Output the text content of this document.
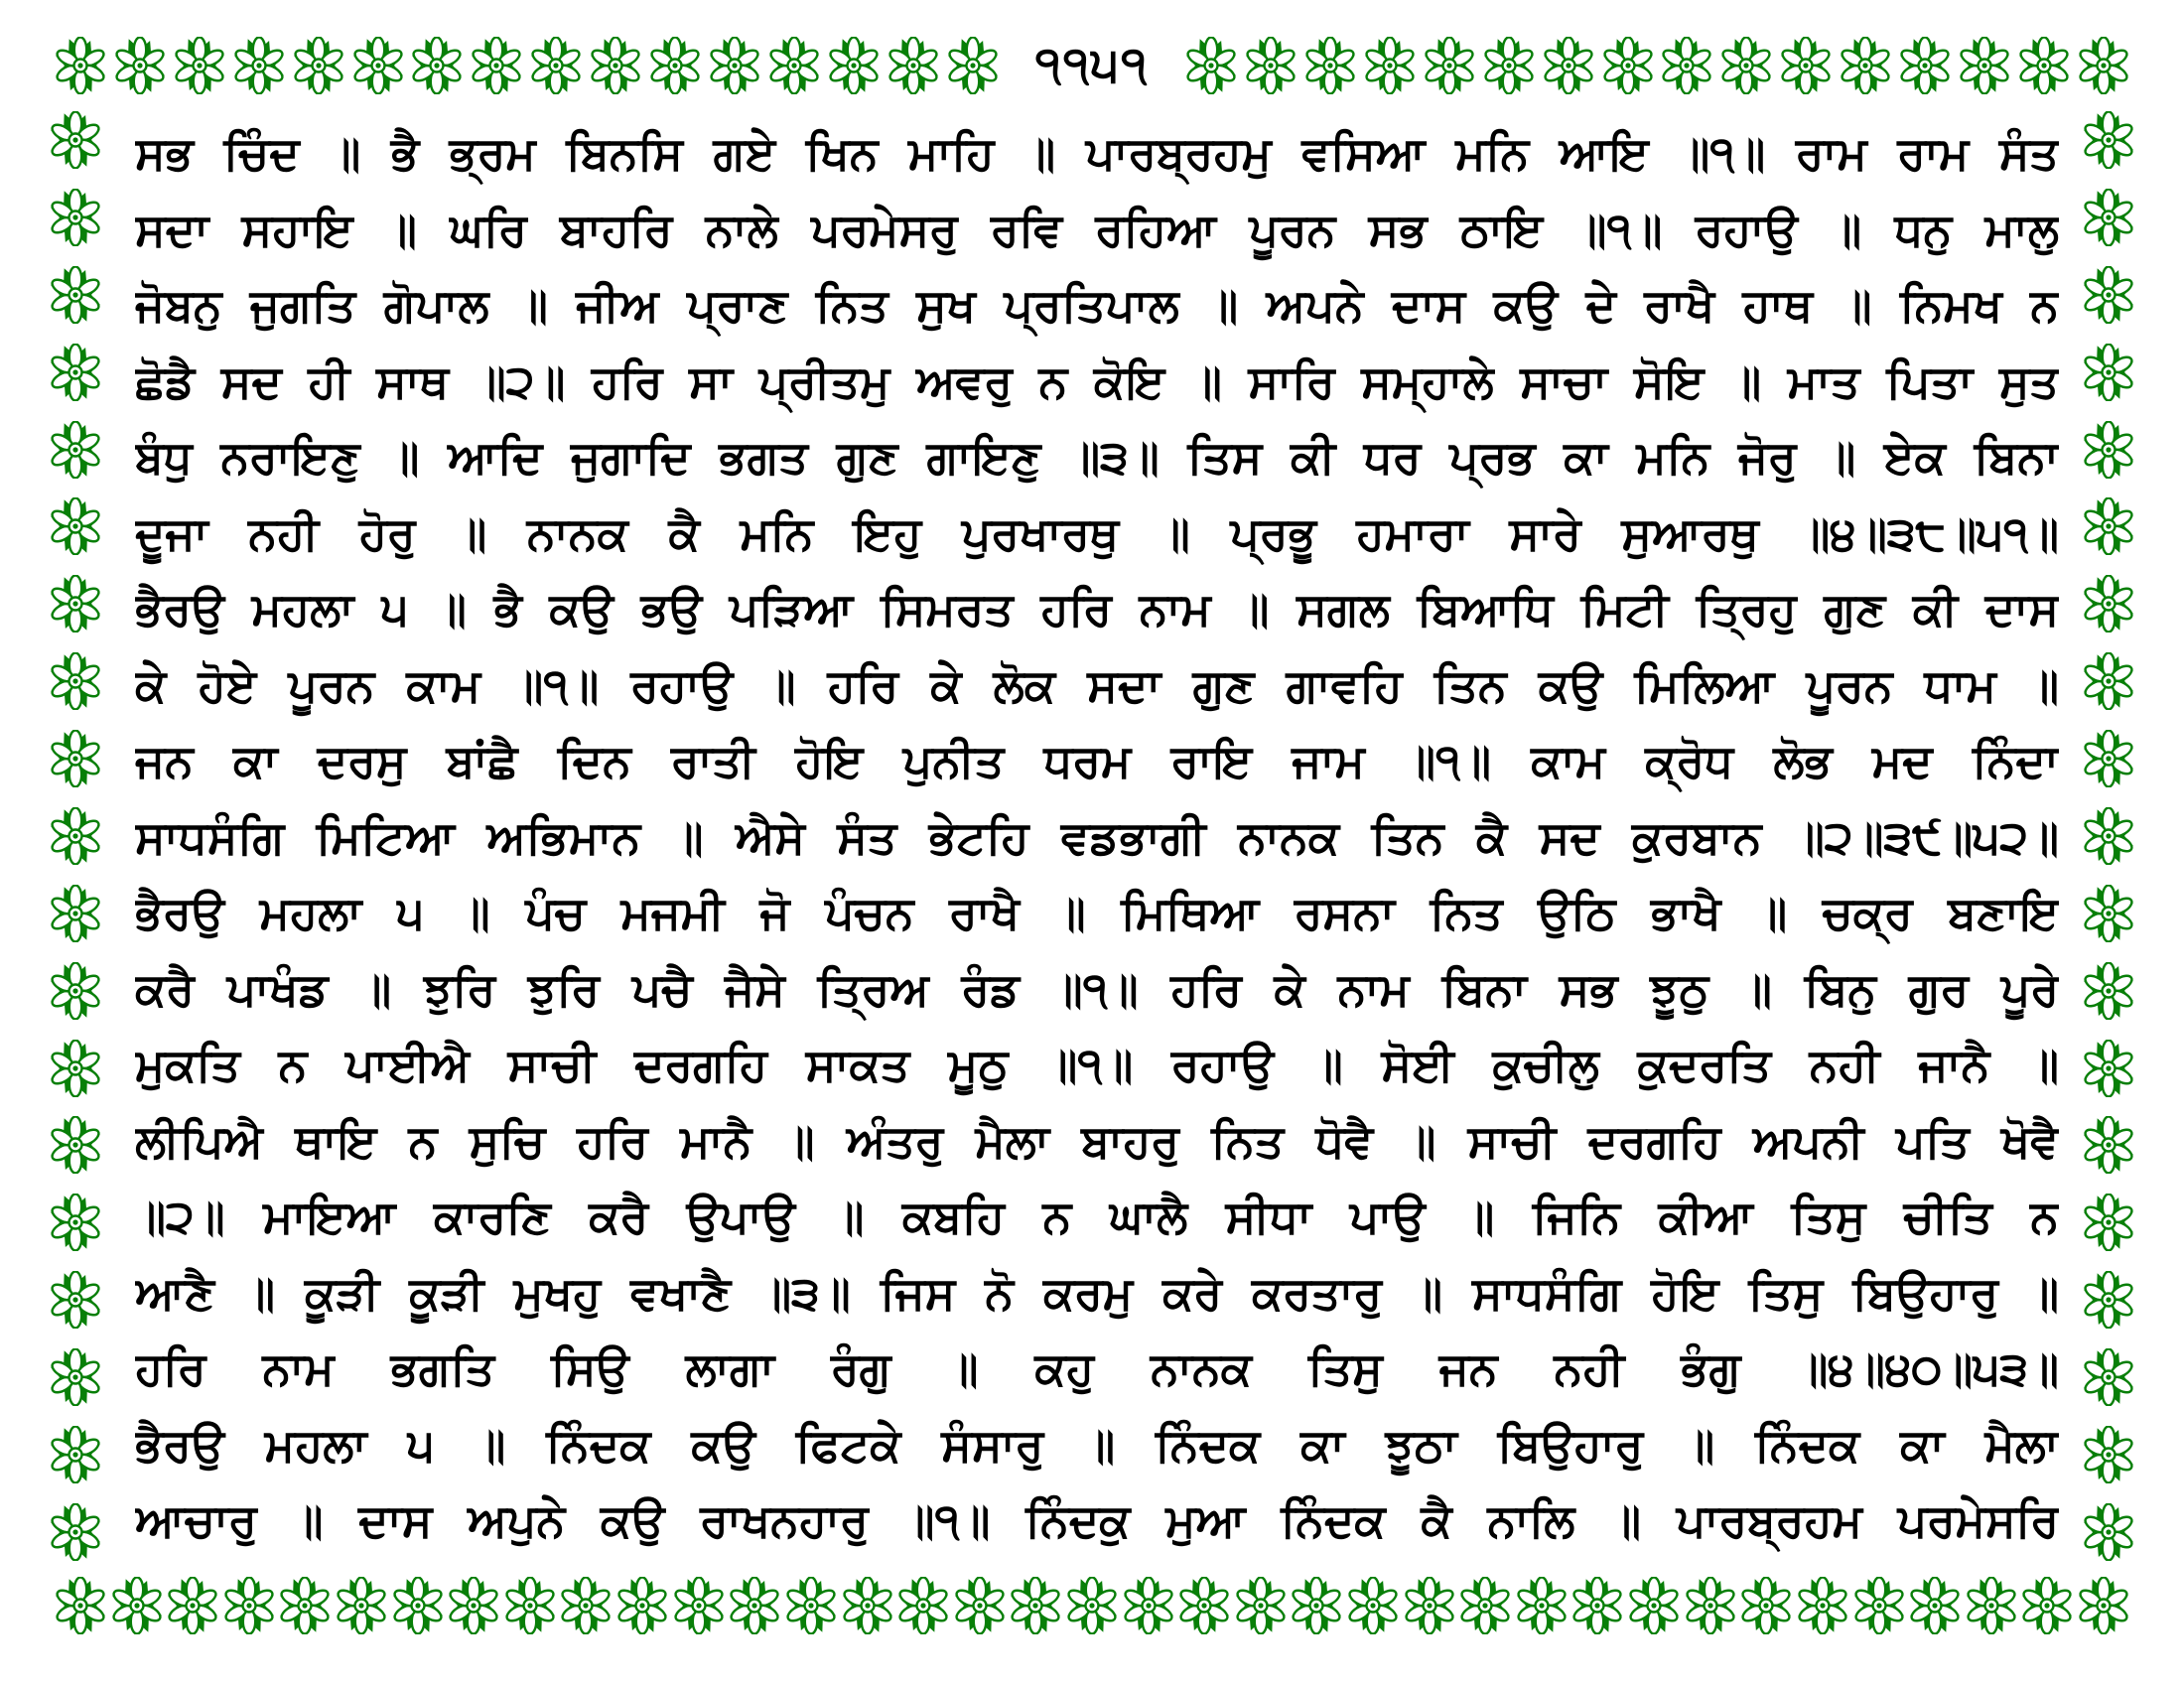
੧੧੫੧
ਸਭ ਚਿੰਦ ॥ ਭੈ ਭ੍ਰਮ ਬਿਨਸਿ ਗਏ ਖਿਨ ਮਾਹਿ ॥ ਪਾਰਬ੍ਰਹਮੁ ਵਸਿਆ ਮਨਿ ਆਇ ॥੧॥ ਰਾਮ ਰਾਮ ਸੰਤ
ਸਦਾ ਸਹਾਇ ॥ ਘਰਿ ਬਾਹਰਿ ਨਾਲੇ ਪਰਮੇਸਰੁ ਰਵਿ ਰਹਿਆ ਪੂਰਨ ਸਭ ਠਾਇ ॥੧॥ ਰਹਾਉ ॥ ਧਨੁ ਮਾਲੁ
ਜੋਬਨੁ ਜੁਗਤਿ ਗੋਪਾਲ ॥ ਜੀਅ ਪ੍ਰਾਣ ਨਿਤ ਸੁਖ ਪ੍ਰਤਿਪਾਲ ॥ ਅਪਨੇ ਦਾਸ ਕਉ ਦੇ ਰਾਖੈ ਹਾਥ ॥ ਨਿਮਖ ਨ
ਛੋਡੈ ਸਦ ਹੀ ਸਾਥ ॥੨॥ ਹਰਿ ਸਾ ਪ੍ਰੀਤਮੁ ਅਵਰੁ ਨ ਕੋਇ ॥ ਸਾਰਿ ਸਮ੍ਹਾਲੇ ਸਾਚਾ ਸੋਇ ॥ ਮਾਤ ਪਿਤਾ ਸੁਤ
ਬੰਧੁ ਨਰਾਇਣੁ ॥ ਆਦਿ ਜੁਗਾਦਿ ਭਗਤ ਗੁਣ ਗਾਇਣੁ ॥੩॥ ਤਿਸ ਕੀ ਧਰ ਪ੍ਰਭ ਕਾ ਮਨਿ ਜੋਰੁ ॥ ਏਕ ਬਿਨਾ
ਦੂਜਾ ਨਹੀ ਹੋਰੁ ॥ ਨਾਨਕ ਕੈ ਮਨਿ ਇਹੁ ਪੁਰਖਾਰਥੁ ॥ ਪ੍ਰਭੂ ਹਮਾਰਾ ਸਾਰੇ ਸੁਆਰਥੁ ॥੪॥੩੮॥੫੧॥
ਭੈਰਉ ਮਹਲਾ ੫ ॥ ਭੈ ਕਉ ਭਉ ਪੜਿਆ ਸਿਮਰਤ ਹਰਿ ਨਾਮ ॥ ਸਗਲ ਬਿਆਧਿ ਮਿਟੀ ਤ੍ਰਿਹੁ ਗੁਣ ਕੀ ਦਾਸ
ਕੇ ਹੋਏ ਪੂਰਨ ਕਾਮ ॥੧॥ ਰਹਾਉ ॥ ਹਰਿ ਕੇ ਲੋਕ ਸਦਾ ਗੁਣ ਗਾਵਹਿ ਤਿਨ ਕਉ ਮਿਲਿਆ ਪੂਰਨ ਧਾਮ ॥
ਜਨ ਕਾ ਦਰਸੁ ਬਾਂਛੈ ਦਿਨ ਰਾਤੀ ਹੋਇ ਪੁਨੀਤ ਧਰਮ ਰਾਇ ਜਾਮ ॥੧॥ ਕਾਮ ਕ੍ਰੋਧ ਲੋਭ ਮਦ ਨਿੰਦਾ
ਸਾਧਸੰਗਿ ਮਿਟਿਆ ਅਭਿਮਾਨ ॥ ਐਸੇ ਸੰਤ ਭੇਟਹਿ ਵਡਭਾਗੀ ਨਾਨਕ ਤਿਨ ਕੈ ਸਦ ਕੁਰਬਾਨ ॥੨॥੩੯॥੫੨॥
ਭੈਰਉ ਮਹਲਾ ੫ ॥ ਪੰਚ ਮਜਮੀ ਜੋ ਪੰਚਨ ਰਾਖੈ ॥ ਮਿਥਿਆ ਰਸਨਾ ਨਿਤ ਉਠਿ ਭਾਖੈ ॥ ਚਕ੍ਰ ਬਣਾਇ
ਕਰੈ ਪਾਖੰਡ ॥ ਝੁਰਿ ਝੁਰਿ ਪਚੈ ਜੈਸੇ ਤ੍ਰਿਅ ਰੰਡ ॥੧॥ ਹਰਿ ਕੇ ਨਾਮ ਬਿਨਾ ਸਭ ਝੂਠੁ ॥ ਬਿਨੁ ਗੁਰ ਪੂਰੇ
ਮੁਕਤਿ ਨ ਪਾਈਐ ਸਾਚੀ ਦਰਗਹਿ ਸਾਕਤ ਮੂਠੁ ॥੧॥ ਰਹਾਉ ॥ ਸੋਈ ਕੁਚੀਲੁ ਕੁਦਰਤਿ ਨਹੀ ਜਾਨੈ ॥
ਲੀਪਿਐ ਥਾਇ ਨ ਸੁਚਿ ਹਰਿ ਮਾਨੈ ॥ ਅੰਤਰੁ ਮੈਲਾ ਬਾਹਰੁ ਨਿਤ ਧੋਵੈ ॥ ਸਾਚੀ ਦਰਗਹਿ ਅਪਨੀ ਪਤਿ ਖੋਵੈ
॥੨॥ ਮਾਇਆ ਕਾਰਣਿ ਕਰੈ ਉਪਾਉ ॥ ਕਬਹਿ ਨ ਘਾਲੈ ਸੀਧਾ ਪਾਉ ॥ ਜਿਨਿ ਕੀਆ ਤਿਸੁ ਚੀਤਿ ਨ
ਆਣੈ ॥ ਕੂੜੀ ਕੂੜੀ ਮੁਖਹੁ ਵਖਾਣੈ ॥੩॥ ਜਿਸ ਨੋ ਕਰਮੁ ਕਰੇ ਕਰਤਾਰੁ ॥ ਸਾਧਸੰਗਿ ਹੋਇ ਤਿਸੁ ਬਿਉਹਾਰੁ ॥
ਹਰਿ ਨਾਮ ਭਗਤਿ ਸਿਉ ਲਾਗਾ ਰੰਗੁ ॥ ਕਹੁ ਨਾਨਕ ਤਿਸੁ ਜਨ ਨਹੀ ਭੰਗੁ ॥੪॥੪੦॥੫੩॥
ਭੈਰਉ ਮਹਲਾ ੫ ॥ ਨਿੰਦਕ ਕਉ ਫਿਟਕੇ ਸੰਸਾਰੁ ॥ ਨਿੰਦਕ ਕਾ ਝੂਠਾ ਬਿਉਹਾਰੁ ॥ ਨਿੰਦਕ ਕਾ ਮੈਲਾ
ਆਚਾਰੁ ॥ ਦਾਸ ਅਪੁਨੇ ਕਉ ਰਾਖਨਹਾਰੁ ॥੧॥ ਨਿੰਦਕੁ ਮੁਆ ਨਿੰਦਕ ਕੈ ਨਾਲਿ ॥ ਪਾਰਬ੍ਰਹਮ ਪਰਮੇਸਰਿ
